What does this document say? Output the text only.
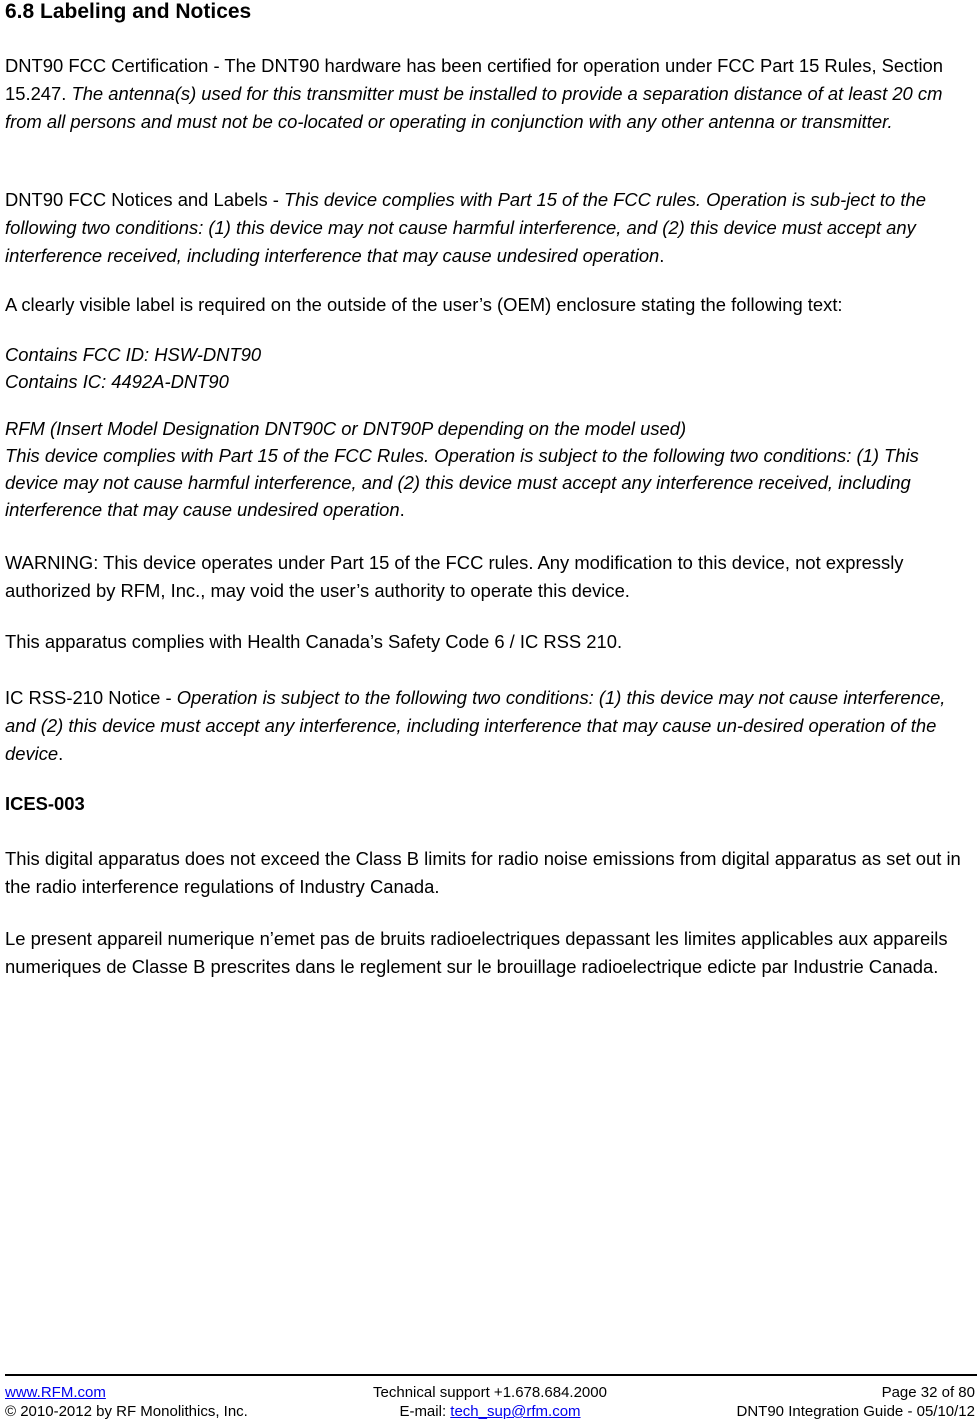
6.8 Labeling and Notices

DNT90 FCC Certification - The DNT90 hardware has been certified for operation under FCC Part 15 Rules, Section 15.247. The antenna(s) used for this transmitter must be installed to provide a separation distance of at least 20 cm from all persons and must not be co-located or operating in conjunction with any other antenna or transmitter.

DNT90 FCC Notices and Labels - This device complies with Part 15 of the FCC rules. Operation is sub-ject to the following two conditions: (1) this device may not cause harmful interference, and (2) this device must accept any interference received, including interference that may cause undesired operation.

A clearly visible label is required on the outside of the user’s (OEM) enclosure stating the following text:

Contains FCC ID: HSW-DNT90

Contains IC: 4492A-DNT90

RFM (Insert Model Designation DNT90C or DNT90P depending on the model used)

This device complies with Part 15 of the FCC Rules. Operation is subject to the following two conditions: (1) This device may not cause harmful interference, and (2) this device must accept any interference received, including interference that may cause undesired operation.

WARNING: This device operates under Part 15 of the FCC rules. Any modification to this device, not expressly authorized by RFM, Inc., may void the user’s authority to operate this device.

This apparatus complies with Health Canada’s Safety Code 6 / IC RSS 210.

IC RSS-210 Notice - Operation is subject to the following two conditions: (1) this device may not cause interference, and (2) this device must accept any interference, including interference that may cause un-desired operation of the device.

ICES-003

This digital apparatus does not exceed the Class B limits for radio noise emissions from digital apparatus as set out in the radio interference regulations of Industry Canada.

Le present appareil numerique n’emet pas de bruits radioelectriques depassant les limites applicables aux appareils numeriques de Classe B prescrites dans le reglement sur le brouillage radioelectrique edicte par Industrie Canada.

www.RFM.com	Technical support +1.678.684.2000	Page 32 of 80
© 2010-2012 by RF Monolithics, Inc.	E-mail: tech_sup@rfm.com	DNT90 Integration Guide - 05/10/12
